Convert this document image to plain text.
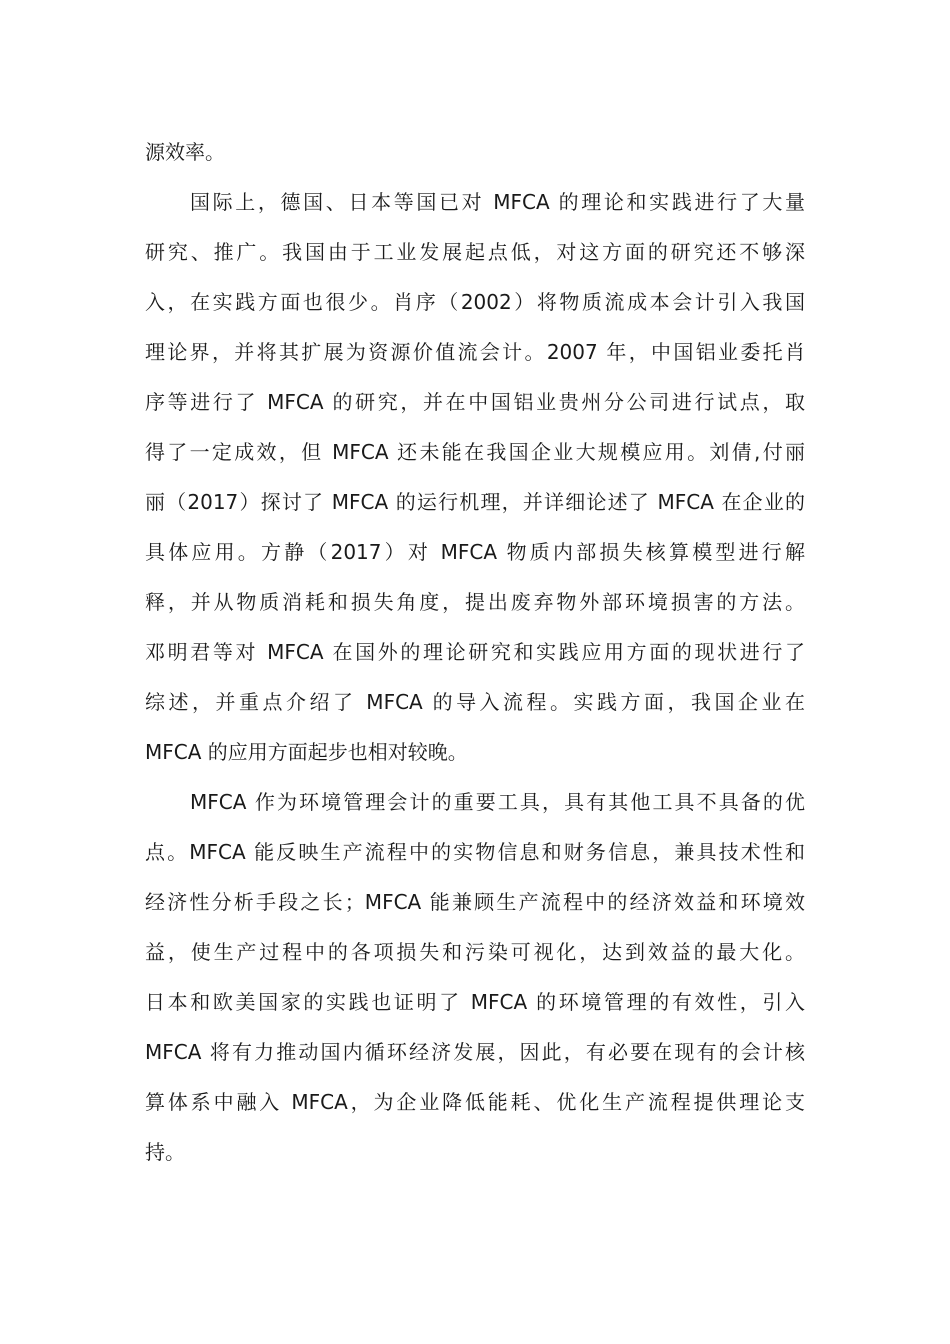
源效率。
国际上，德国、日本等国已对 MFCA 的理论和实践进行了大量
研究、推广。我国由于工业发展起点低，对这方面的研究还不够深
入，在实践方面也很少。肖序（2002）将物质流成本会计引入我国
理论界，并将其扩展为资源价值流会计。2007 年，中国铝业委托肖
序等进行了 MFCA 的研究，并在中国铝业贵州分公司进行试点，取
得了一定成效，但 MFCA 还未能在我国企业大规模应用。刘倩,付丽
丽（2017）探讨了 MFCA 的运行机理，并详细论述了 MFCA 在企业的
具体应用。方静（2017）对 MFCA 物质内部损失核算模型进行解
释，并从物质消耗和损失角度，提出废弃物外部环境损害的方法。
邓明君等对 MFCA 在国外的理论研究和实践应用方面的现状进行了
综述，并重点介绍了 MFCA 的导入流程。实践方面，我国企业在
MFCA 的应用方面起步也相对较晚。
MFCA 作为环境管理会计的重要工具，具有其他工具不具备的优
点。MFCA 能反映生产流程中的实物信息和财务信息，兼具技术性和
经济性分析手段之长；MFCA 能兼顾生产流程中的经济效益和环境效
益，使生产过程中的各项损失和污染可视化，达到效益的最大化。
日本和欧美国家的实践也证明了 MFCA 的环境管理的有效性，引入
MFCA 将有力推动国内循环经济发展，因此，有必要在现有的会计核
算体系中融入 MFCA，为企业降低能耗、优化生产流程提供理论支
持。
